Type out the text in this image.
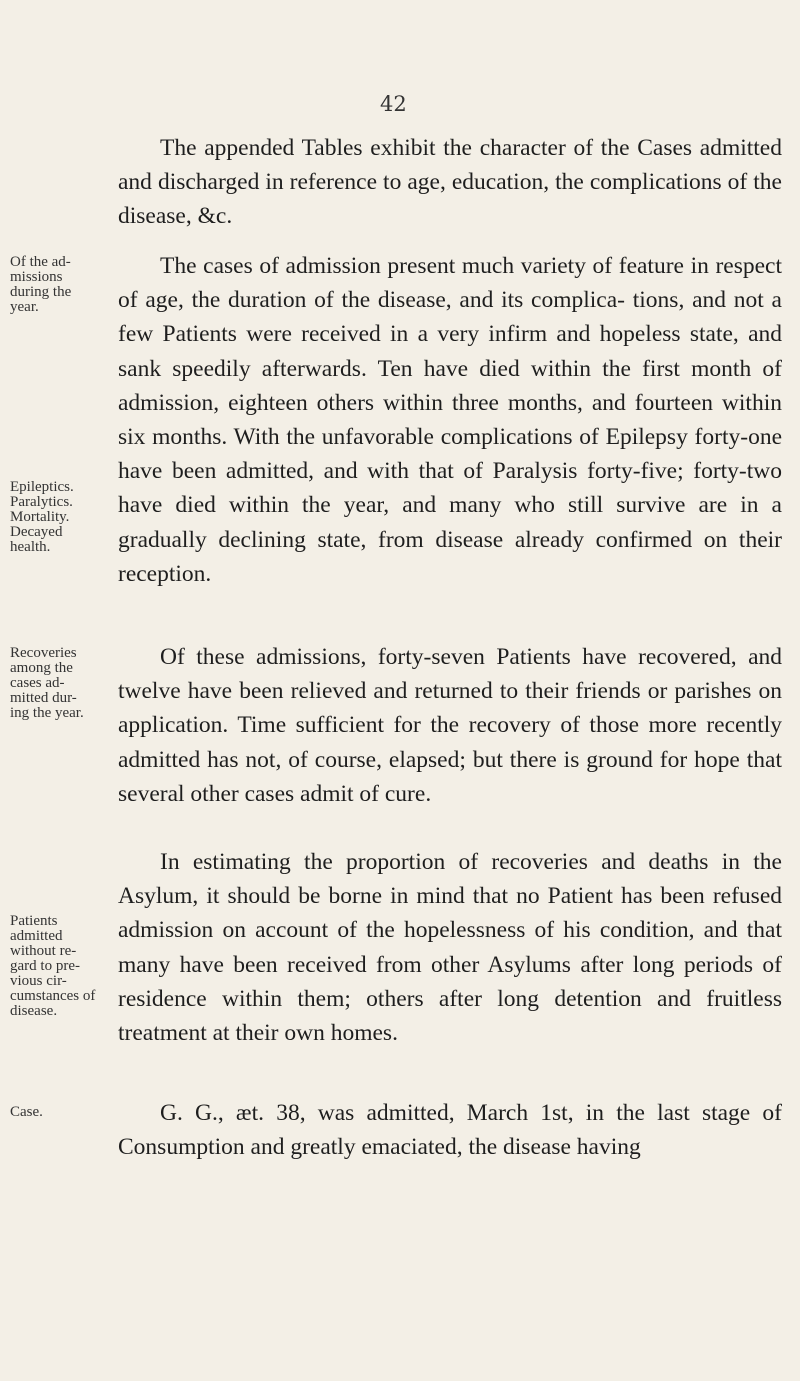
42

The appended Tables exhibit the character of the Cases admitted and discharged in reference to age, education, the complications of the disease, &c.

Of the ad- missions during the year.

The cases of admission present much variety of feature in respect of age, the duration of the disease, and its complica- tions, and not a few Patients were received in a very infirm and hopeless state, and sank speedily afterwards. Ten have died within the first month of admission, eighteen others within three months, and fourteen within six months. With the unfavorable complications of Epilepsy forty-one have been admitted, and with that of Paralysis forty-five; forty-two have died within the year, and many who still survive are in a gradually declining state, from disease already confirmed on their reception.

Epileptics. Paralytics. Mortality. Decayed health.
Recoveries among the cases ad- mitted dur- ing the year.

Of these admissions, forty-seven Patients have recovered, and twelve have been relieved and returned to their friends or parishes on application. Time sufficient for the recovery of those more recently admitted has not, of course, elapsed; but there is ground for hope that several other cases admit of cure.

Patients admitted without re- gard to pre- vious cir- cumstances of disease.

In estimating the proportion of recoveries and deaths in the Asylum, it should be borne in mind that no Patient has been refused admission on account of the hopelessness of his condition, and that many have been received from other Asylums after long periods of residence within them; others after long detention and fruitless treatment at their own homes.

Case.	G. G., æt. 38, was admitted, March 1st, in the last stage of Consumption and greatly emaciated, the disease having
